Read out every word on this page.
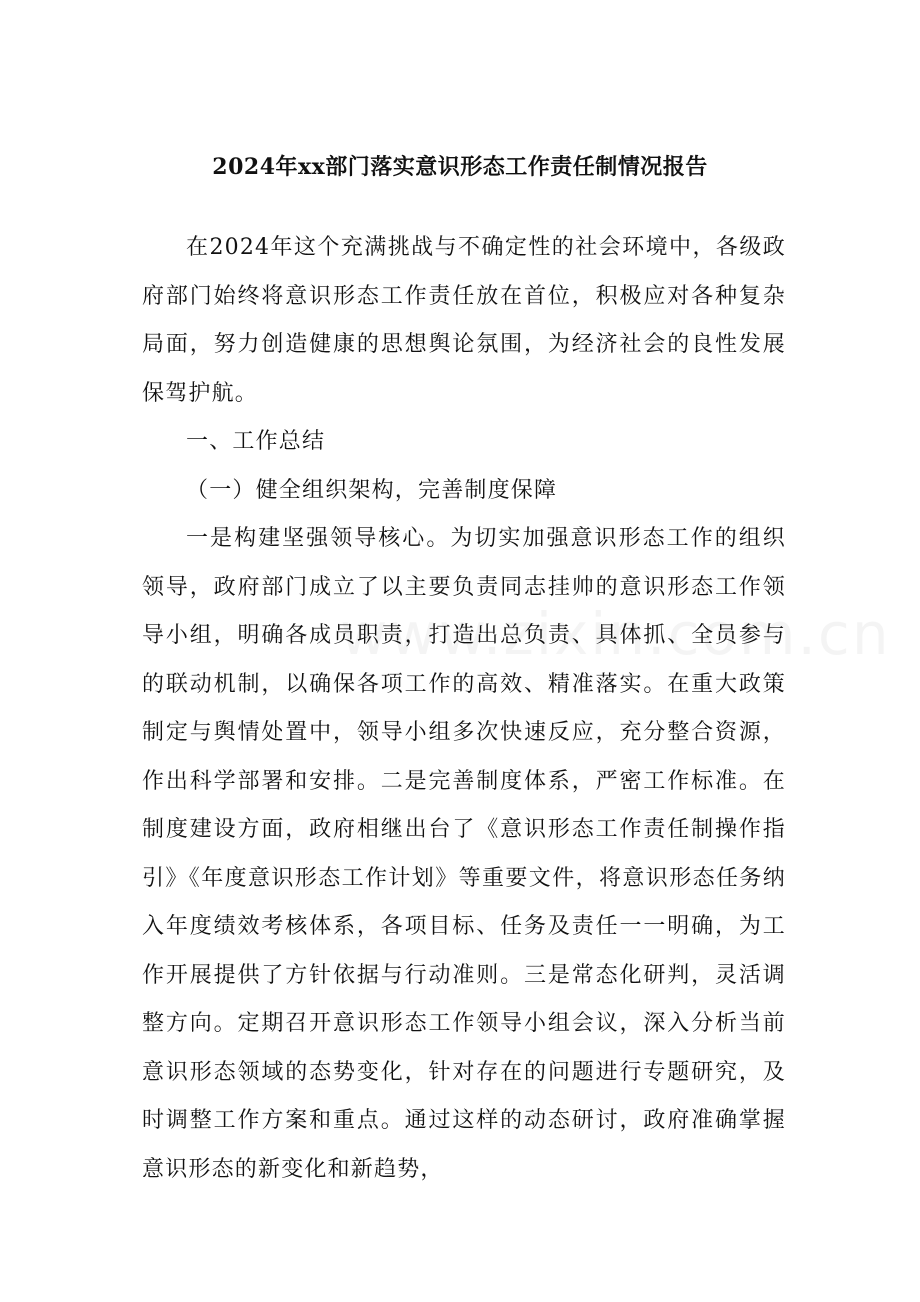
2024年xx部门落实意识形态工作责任制情况报告

在2024年这个充满挑战与不确定性的社会环境中，各级政府部门始终将意识形态工作责任放在首位，积极应对各种复杂局面，努力创造健康的思想舆论氛围，为经济社会的良性发展保驾护航。

一、工作总结

（一）健全组织架构，完善制度保障

一是构建坚强领导核心。为切实加强意识形态工作的组织领导，政府部门成立了以主要负责同志挂帅的意识形态工作领导小组，明确各成员职责，打造出总负责、具体抓、全员参与的联动机制，以确保各项工作的高效、精准落实。在重大政策制定与舆情处置中，领导小组多次快速反应，充分整合资源，作出科学部署和安排。二是完善制度体系，严密工作标准。在制度建设方面，政府相继出台了《意识形态工作责任制操作指引》《年度意识形态工作计划》等重要文件，将意识形态任务纳入年度绩效考核体系，各项目标、任务及责任一一明确，为工作开展提供了方针依据与行动准则。三是常态化研判，灵活调整方向。定期召开意识形态工作领导小组会议，深入分析当前意识形态领域的态势变化，针对存在的问题进行专题研究，及时调整工作方案和重点。通过这样的动态研讨，政府准确掌握意识形态的新变化和新趋势，
